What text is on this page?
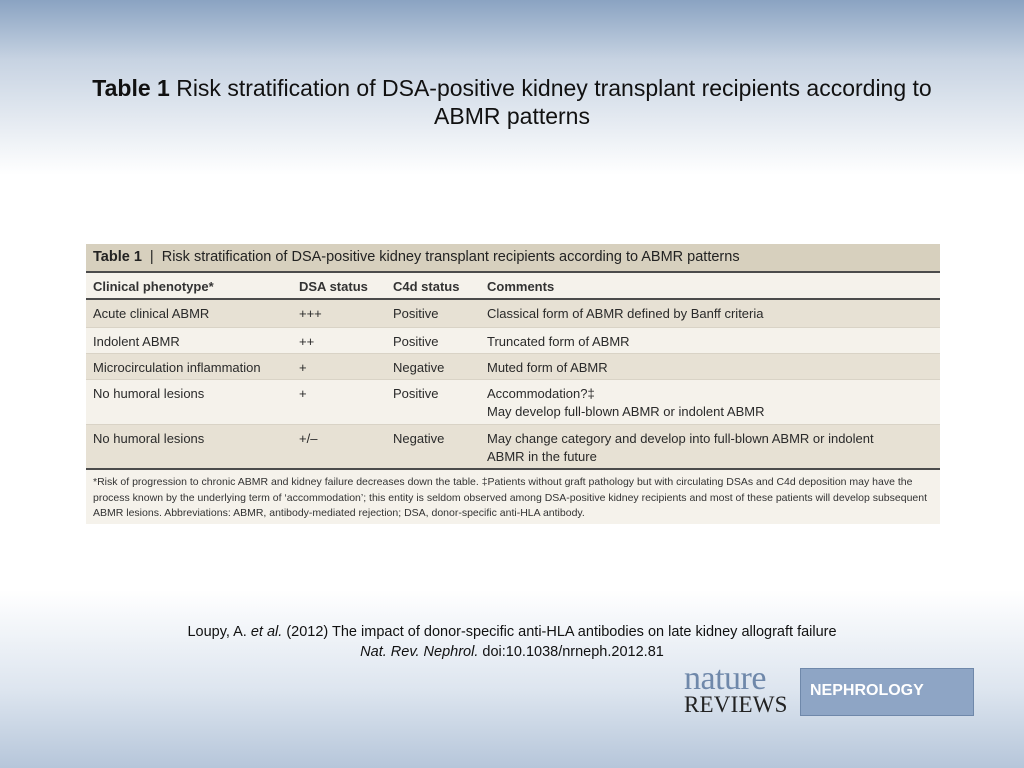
Table 1 Risk stratification of DSA-positive kidney transplant recipients according to ABMR patterns
Table 1 | Risk stratification of DSA-positive kidney transplant recipients according to ABMR patterns
Clinical phenotype*	DSA status	C4d status	Comments
Acute clinical ABMR	+++	Positive	Classical form of ABMR defined by Banff criteria
Indolent ABMR	++	Positive	Truncated form of ABMR
Microcirculation inflammation	+	Negative	Muted form of ABMR
No humoral lesions	+	Positive	Accommodation?‡
May develop full-blown ABMR or indolent ABMR
No humoral lesions	+/–	Negative	May change category and develop into full-blown ABMR or indolent
ABMR in the future
*Risk of progression to chronic ABMR and kidney failure decreases down the table. ‡Patients without graft pathology but with circulating DSAs and C4d deposition may have the process known by the underlying term of ‘accommodation’; this entity is seldom observed among DSA-positive kidney recipients and most of these patients will develop subsequent ABMR lesions. Abbreviations: ABMR, antibody-mediated rejection; DSA, donor-specific anti-HLA antibody.
Loupy, A. et al. (2012) The impact of donor-specific anti-HLA antibodies on late kidney allograft failure
Nat. Rev. Nephrol. doi:10.1038/nrneph.2012.81
nature
REVIEWS
NEPHROLOGY
